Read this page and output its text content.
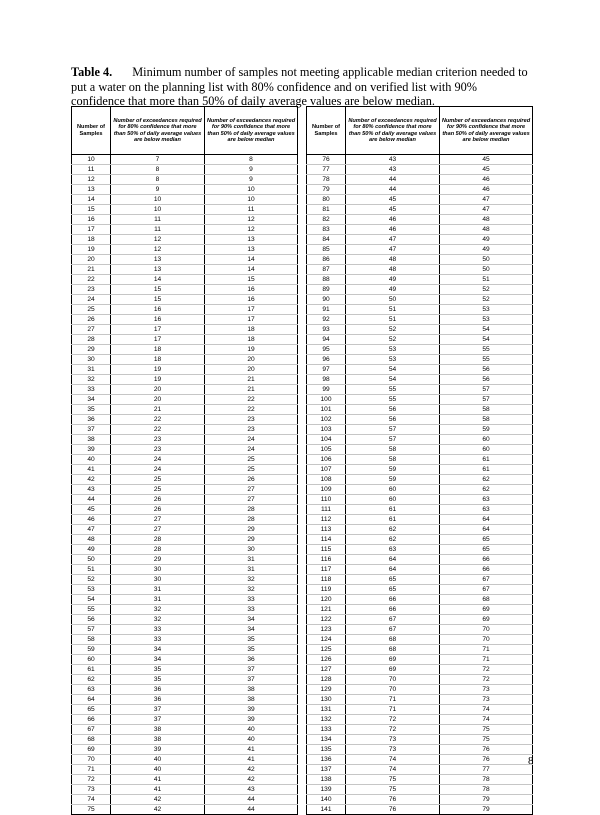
Table 4. Minimum number of samples not meeting applicable median criterion needed to put a water on the planning list with 80% confidence and on verified list with 90% confidence that more than 50% of daily average values are below median.
Number of Samples	Number of exceedances required for 80% confidence that more than 50% of daily average values are below median	Number of exceedances required for 90% confidence that more than 50% of daily average values are below median
10	7	8
11	8	9
12	8	9
13	9	10
14	10	10
15	10	11
16	11	12
17	11	12
18	12	13
19	12	13
20	13	14
21	13	14
22	14	15
23	15	16
24	15	16
25	16	17
26	16	17
27	17	18
28	17	18
29	18	19
30	18	20
31	19	20
32	19	21
33	20	21
34	20	22
35	21	22
36	22	23
37	22	23
38	23	24
39	23	24
40	24	25
41	24	25
42	25	26
43	25	27
44	26	27
45	26	28
46	27	28
47	27	29
48	28	29
49	28	30
50	29	31
51	30	31
52	30	32
53	31	32
54	31	33
55	32	33
56	32	34
57	33	34
58	33	35
59	34	35
60	34	36
61	35	37
62	35	37
63	36	38
64	36	38
65	37	39
66	37	39
67	38	40
68	38	40
69	39	41
70	40	41
71	40	42
72	41	42
73	41	43
74	42	44
75	42	44
Number of Samples	Number of exceedances required for 80% confidence that more than 50% of daily average values are below median	Number of exceedances required for 90% confidence that more than 50% of daily average values are below median
76	43	45
77	43	45
78	44	46
79	44	46
80	45	47
81	45	47
82	46	48
83	46	48
84	47	49
85	47	49
86	48	50
87	48	50
88	49	51
89	49	52
90	50	52
91	51	53
92	51	53
93	52	54
94	52	54
95	53	55
96	53	55
97	54	56
98	54	56
99	55	57
100	55	57
101	56	58
102	56	58
103	57	59
104	57	60
105	58	60
106	58	61
107	59	61
108	59	62
109	60	62
110	60	63
111	61	63
112	61	64
113	62	64
114	62	65
115	63	65
116	64	66
117	64	66
118	65	67
119	65	67
120	66	68
121	66	69
122	67	69
123	67	70
124	68	70
125	68	71
126	69	71
127	69	72
128	70	72
129	70	73
130	71	73
131	71	74
132	72	74
133	72	75
134	73	75
135	73	76
136	74	76
137	74	77
138	75	78
139	75	78
140	76	79
141	76	79
8
